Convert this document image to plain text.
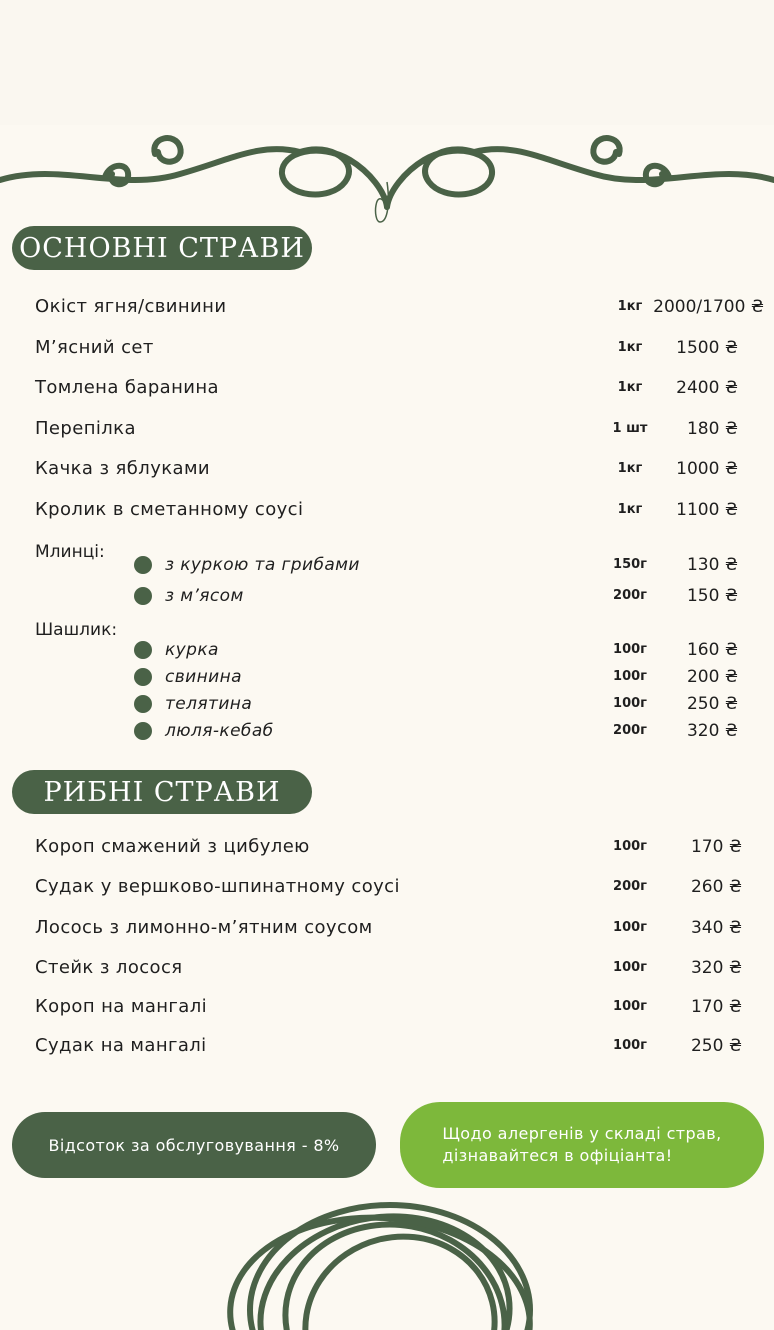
ОСНОВНІ СТРАВИ
Окіст ягня/свинини	1кг 2000/1700 ₴
М’ясний сет	1кг	1500 ₴
Томлена баранина	1кг	2400 ₴
Перепілка	1 шт	180 ₴
Качка з яблуками	1кг	1000 ₴
Кролик в сметанному соусі	1кг	1100 ₴
Млинці:
з куркою та грибами	150г	130 ₴
з м’ясом	200г	150 ₴
Шашлик:
курка	100г	160 ₴
свинина	100г	200 ₴
телятина	100г	250 ₴
люля-кебаб	200г	320 ₴
РИБНІ СТРАВИ
Короп смажений з цибулею	100г	170 ₴
Судак у вершково-шпинатному соусі	200г	260 ₴
Лосось з лимонно-м’ятним соусом	100г	340 ₴
Стейк з лосося	100г	320 ₴
Короп на мангалі	100г	170 ₴
Судак на мангалі	100г	250 ₴
Відсоток за обслуговування - 8%
Щодо алергенів у складі страв,
дізнавайтеся в офіціанта!
